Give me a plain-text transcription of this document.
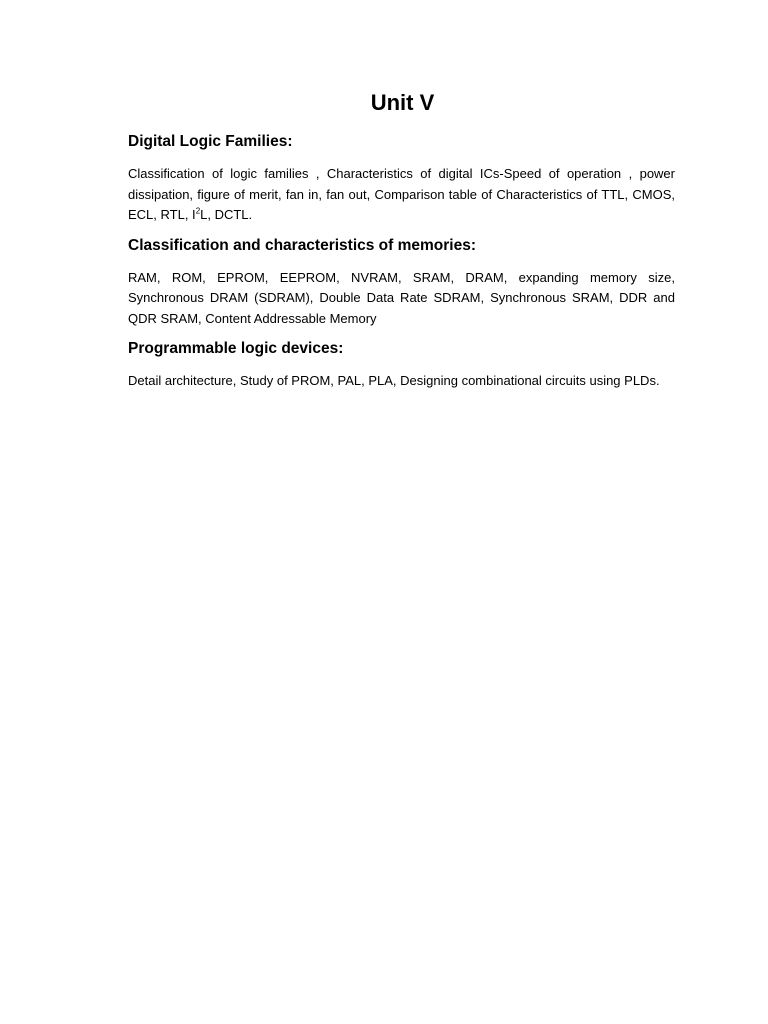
Unit V
Digital Logic Families:

Classification of logic families , Characteristics of digital ICs-Speed of operation , power dissipation, figure of merit, fan in, fan out, Comparison table of Characteristics of TTL, CMOS, ECL, RTL, $I^2L$, DCTL.

Classification and characteristics of memories:

RAM, ROM, EPROM, EEPROM, NVRAM, SRAM, DRAM, expanding memory size, Synchronous DRAM (SDRAM), Double Data Rate SDRAM, Synchronous SRAM, DDR and QDR SRAM, Content Addressable Memory

Programmable logic devices:

Detail architecture, Study of PROM, PAL, PLA, Designing combinational circuits using PLDs.
